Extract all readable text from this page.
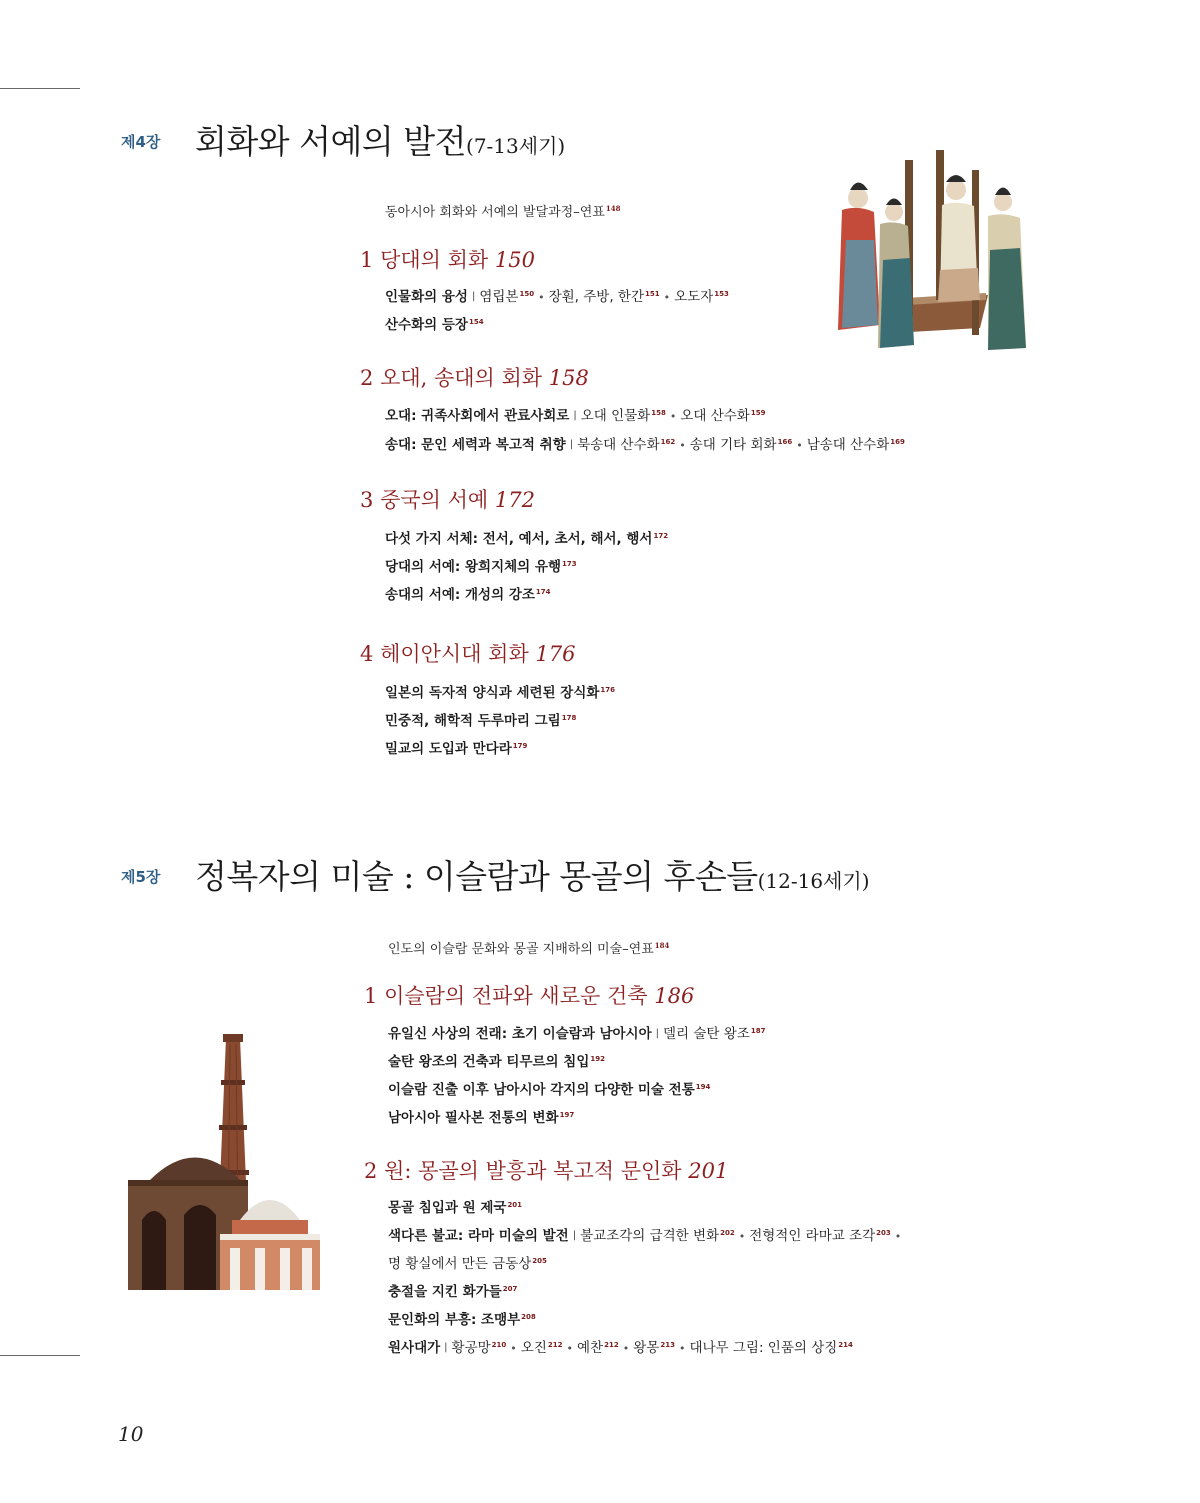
제4장 회화와 서예의 발전(7-13세기)
동아시아 회화와 서예의 발달과정–연표$^{148}$
1 당대의 회화 150
인물화의 융성 | 염립본$^{150}$ • 장훤, 주방, 한간$^{151}$ • 오도자$^{153}$
산수화의 등장$^{154}$
2 오대, 송대의 회화 158
오대: 귀족사회에서 관료사회로 | 오대 인물화$^{158}$ • 오대 산수화$^{159}$
송대: 문인 세력과 복고적 취향 | 북송대 산수화$^{162}$ • 송대 기타 회화$^{166}$ • 남송대 산수화$^{169}$
3 중국의 서예 172
다섯 가지 서체: 전서, 예서, 초서, 해서, 행서$^{172}$
당대의 서예: 왕희지체의 유행$^{173}$
송대의 서예: 개성의 강조$^{174}$
4 헤이안시대 회화 176
일본의 독자적 양식과 세련된 장식화$^{176}$
민중적, 해학적 두루마리 그림$^{178}$
밀교의 도입과 만다라$^{179}$
제5장 정복자의 미술 : 이슬람과 몽골의 후손들(12-16세기)
인도의 이슬람 문화와 몽골 지배하의 미술–연표$^{184}$
1 이슬람의 전파와 새로운 건축 186
유일신 사상의 전래: 초기 이슬람과 남아시아 | 델리 술탄 왕조$^{187}$
술탄 왕조의 건축과 티무르의 침입$^{192}$
이슬람 진출 이후 남아시아 각지의 다양한 미술 전통$^{194}$
남아시아 필사본 전통의 변화$^{197}$
2 원: 몽골의 발흥과 복고적 문인화 201
몽골 침입과 원 제국$^{201}$
색다른 불교: 라마 미술의 발전 | 불교조각의 급격한 변화$^{202}$ • 전형적인 라마교 조각$^{203}$ •
명 황실에서 만든 금동상$^{205}$
충절을 지킨 화가들$^{207}$
문인화의 부흥: 조맹부$^{208}$
원사대가 | 황공망$^{210}$ • 오진$^{212}$ • 예찬$^{212}$ • 왕몽$^{213}$ • 대나무 그림: 인품의 상징$^{214}$
10
